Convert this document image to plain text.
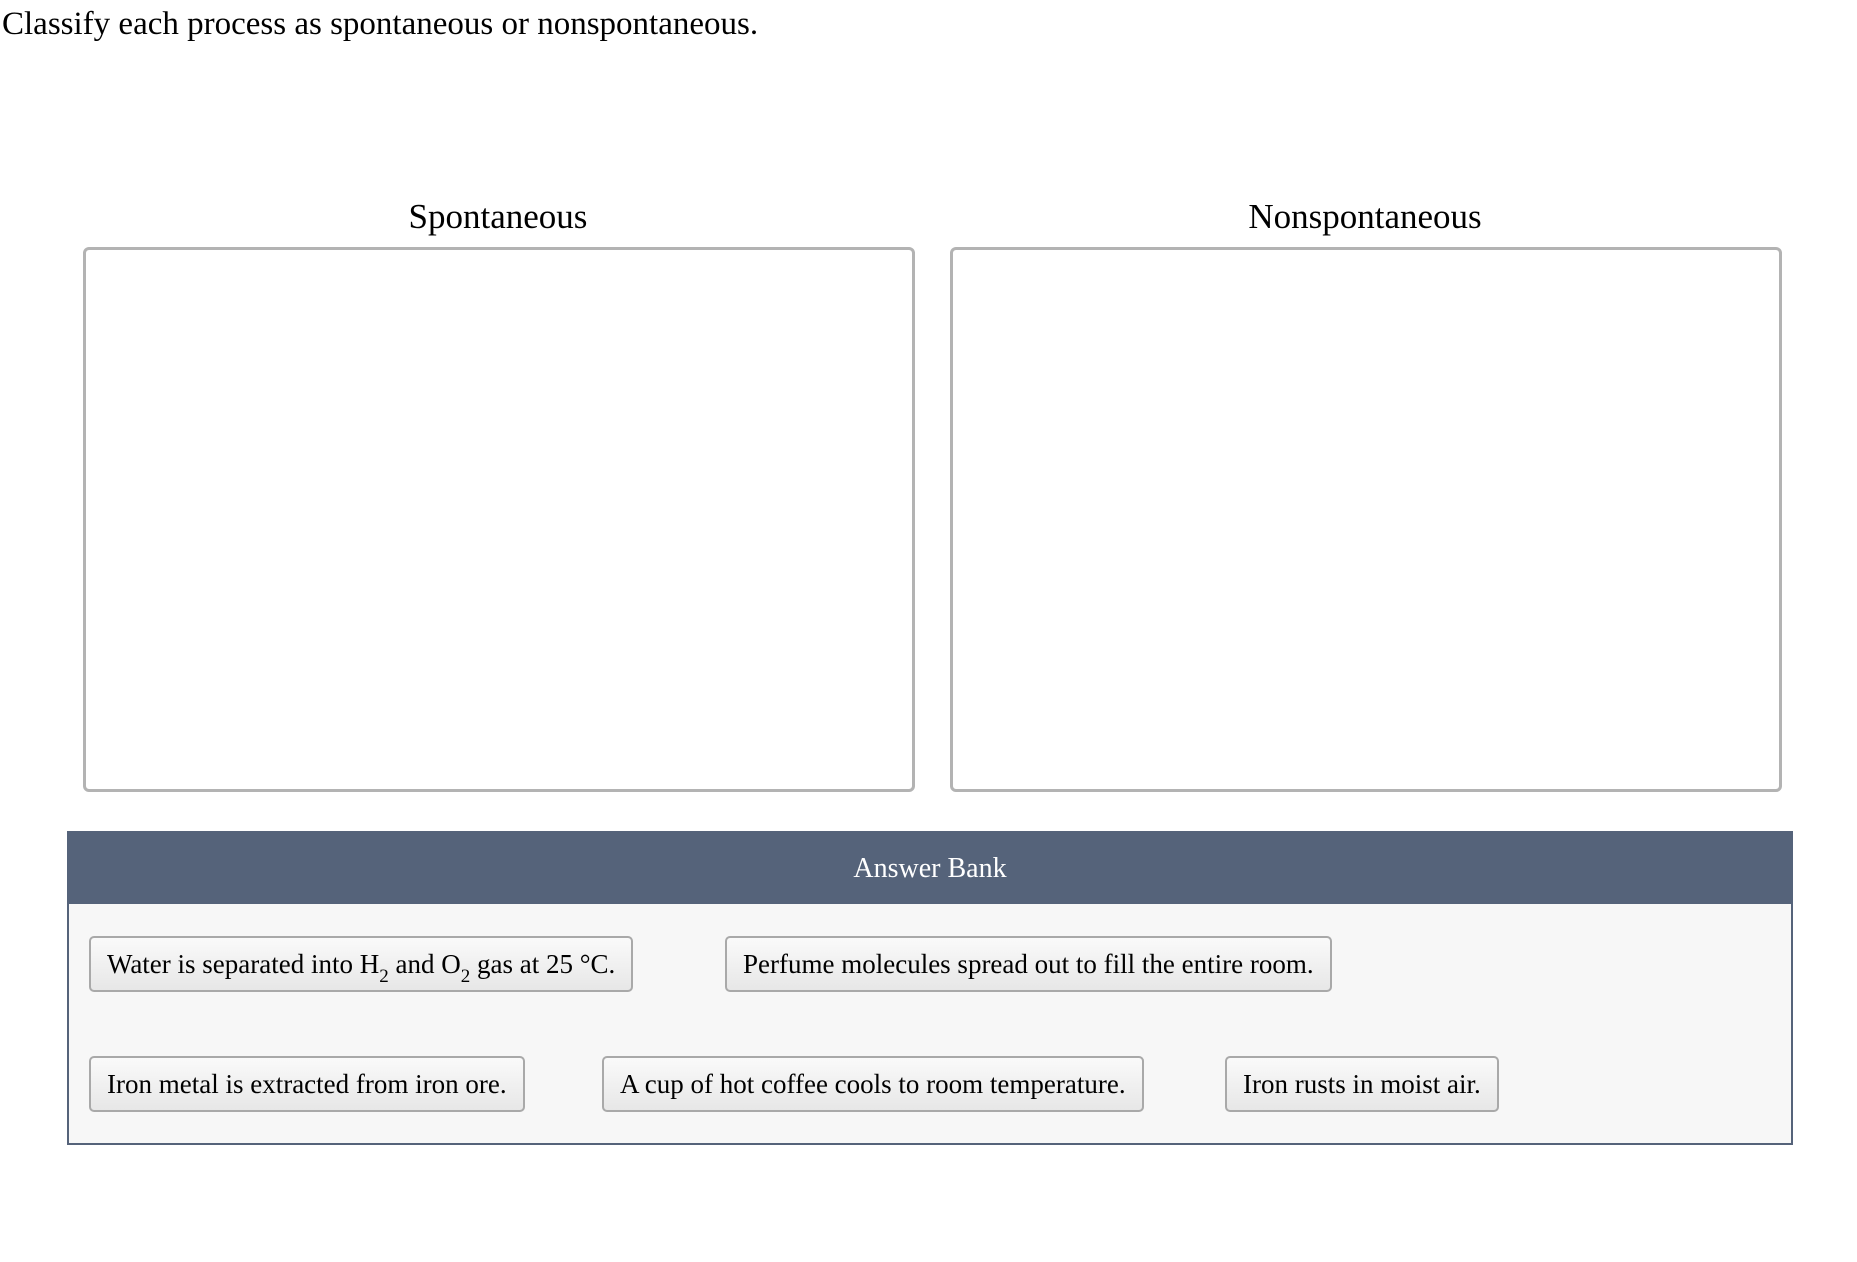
Classify each process as spontaneous or nonspontaneous.
Spontaneous	Nonspontaneous
Answer Bank
Water is separated into $H_2$ and $O_2$ gas at 25 °C.	Perfume molecules spread out to fill the entire room.
Iron metal is extracted from iron ore.	A cup of hot coffee cools to room temperature.	Iron rusts in moist air.
